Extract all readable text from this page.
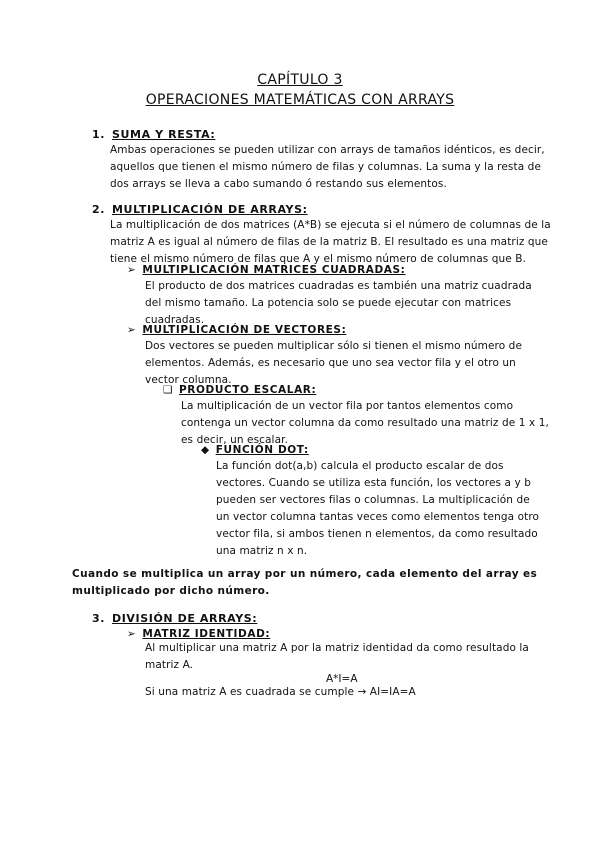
CAPÍTULO 3
OPERACIONES MATEMÁTICAS CON ARRAYS
1. SUMA Y RESTA:
Ambas operaciones se pueden utilizar con arrays de tamaños idénticos, es decir,
aquellos que tienen el mismo número de filas y columnas. La suma y la resta de
dos arrays se lleva a cabo sumando ó restando sus elementos.
2. MULTIPLICACIÓN DE ARRAYS:
La multiplicación de dos matrices (A*B) se ejecuta si el número de columnas de la
matriz A es igual al número de filas de la matriz B. El resultado es una matriz que
tiene el mismo número de filas que A y el mismo número de columnas que B.
➢ MULTIPLICACIÓN MATRICES CUADRADAS:
El producto de dos matrices cuadradas es también una matriz cuadrada
del mismo tamaño. La potencia solo se puede ejecutar con matrices
cuadradas.
➢ MULTIPLICACIÓN DE VECTORES:
Dos vectores se pueden multiplicar sólo si tienen el mismo número de
elementos. Además, es necesario que uno sea vector fila y el otro un
vector columna.
❑ PRODUCTO ESCALAR:
La multiplicación de un vector fila por tantos elementos como
contenga un vector columna da como resultado una matriz de 1 x 1,
es decir, un escalar.
◆ FUNCIÓN DOT:
La función dot(a,b) calcula el producto escalar de dos
vectores. Cuando se utiliza esta función, los vectores a y b
pueden ser vectores filas o columnas. La multiplicación de
un vector columna tantas veces como elementos tenga otro
vector fila, si ambos tienen n elementos, da como resultado
una matriz n x n.
Cuando se multiplica un array por un número, cada elemento del array es
multiplicado por dicho número.
3. DIVISIÓN DE ARRAYS:
➢ MATRIZ IDENTIDAD:
Al multiplicar una matriz A por la matriz identidad da como resultado la
matriz A.
A*I=A
Si una matriz A es cuadrada se cumple → AI=IA=A
